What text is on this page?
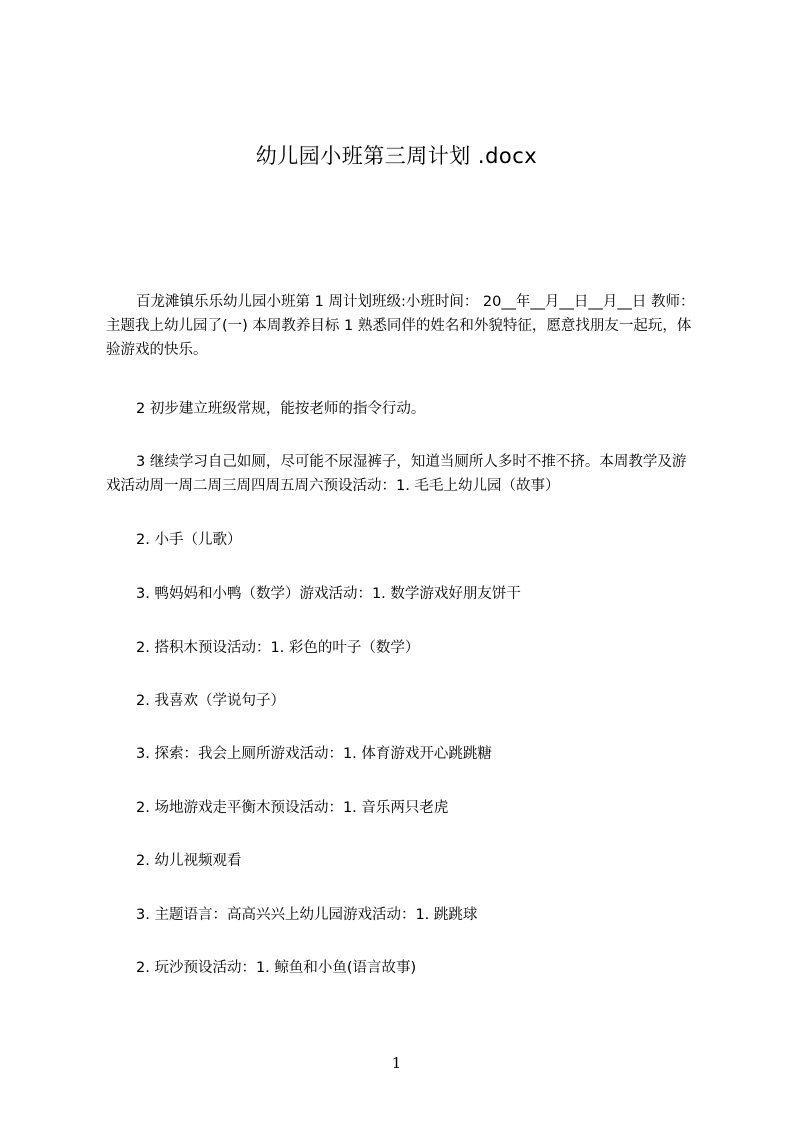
幼儿园小班第三周计划 .docx
百龙滩镇乐乐幼儿园小班第 1 周计划班级:小班时间： 20__年__月__日__月__日 教师：主题我上幼儿园了(一) 本周教养目标 1 熟悉同伴的姓名和外貌特征，愿意找朋友一起玩，体验游戏的快乐。
2 初步建立班级常规，能按老师的指令行动。
3 继续学习自己如厕，尽可能不尿湿裤子，知道当厕所人多时不推不挤。本周教学及游戏活动周一周二周三周四周五周六预设活动：1. 毛毛上幼儿园（故事）
2. 小手（儿歌）
3. 鸭妈妈和小鸭（数学）游戏活动：1. 数学游戏好朋友饼干
2. 搭积木预设活动：1. 彩色的叶子（数学）
2. 我喜欢（学说句子）
3. 探索：我会上厕所游戏活动：1. 体育游戏开心跳跳糖
2. 场地游戏走平衡木预设活动：1. 音乐两只老虎
2. 幼儿视频观看
3. 主题语言：高高兴兴上幼儿园游戏活动：1. 跳跳球
2. 玩沙预设活动：1. 鲸鱼和小鱼(语言故事)
1
